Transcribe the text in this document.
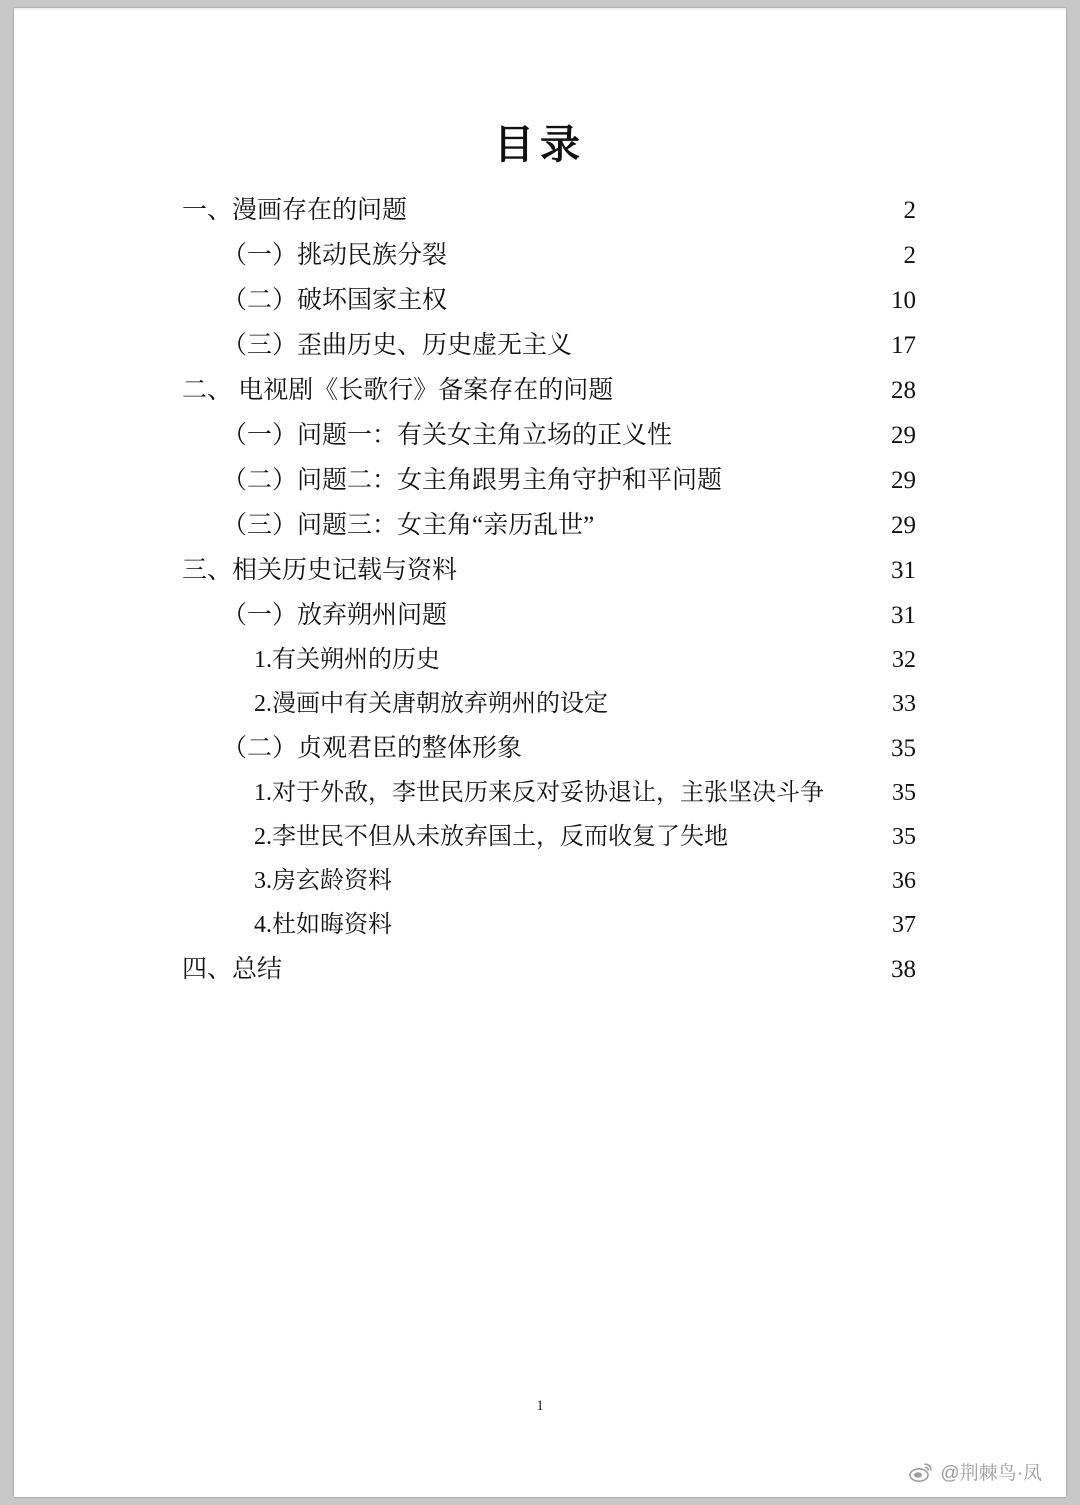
目录
一、漫画存在的问题 .....	2
（一）挑动民族分裂 .....	2
（二）破坏国家主权 .....	10
（三）歪曲历史、历史虚无主义 .....	17
二、 电视剧《长歌行》备案存在的问题 .....	28
（一）问题一：有关女主角立场的正义性 .....	29
（二）问题二：女主角跟男主角守护和平问题 .....	29
（三）问题三：女主角“亲历乱世” .....	29
三、相关历史记载与资料 .....	31
（一）放弃朔州问题 .....	31
1.有关朔州的历史 .....	32
2.漫画中有关唐朝放弃朔州的设定 .....	33
（二）贞观君臣的整体形象 .....	35
1.对于外敌，李世民历来反对妥协退让，主张坚决斗争 .....	35
2.李世民不但从未放弃国土，反而收复了失地 .....	35
3.房玄龄资料 .....	36
4.杜如晦资料 .....	37
四、总结 .....	38
1
@荆棘鸟·凤
